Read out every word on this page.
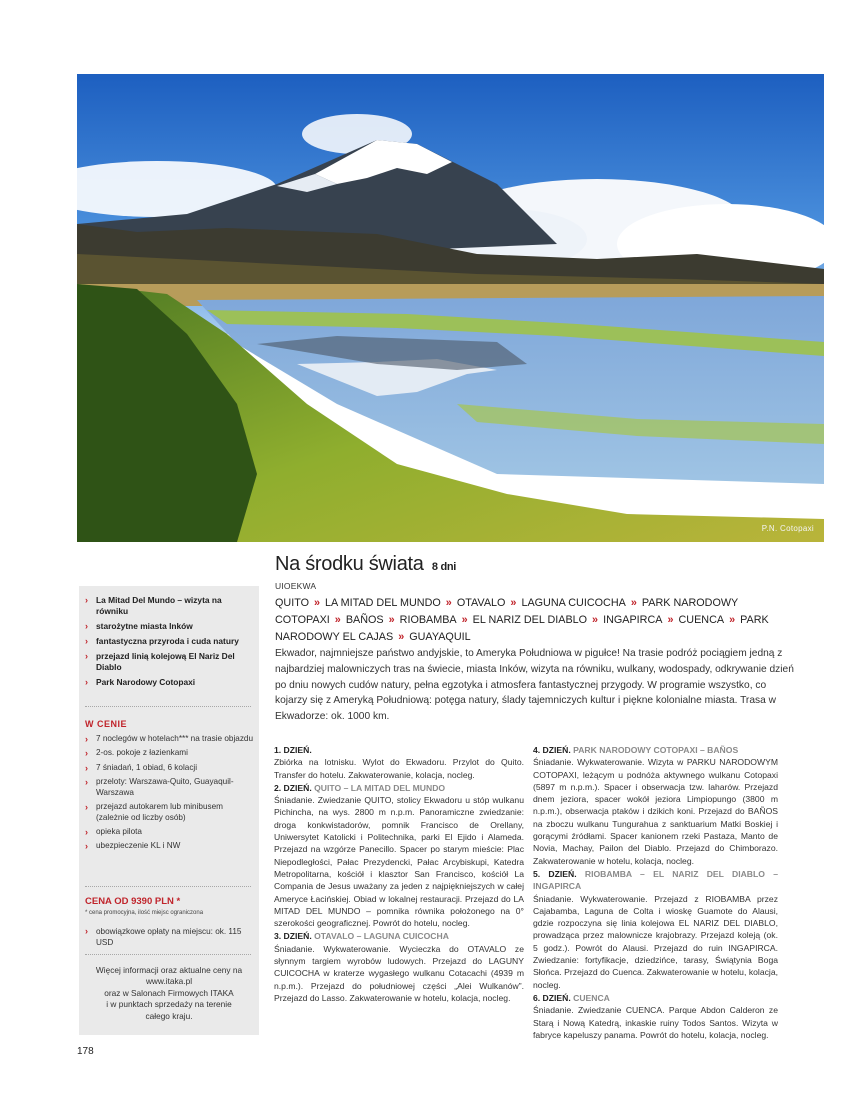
P.N. Cotopaxi
Na środku świata 8 dni
UIOEKWA
QUITO » LA MITAD DEL MUNDO » OTAVALO » LAGUNA CUICOCHA » PARK NARODOWY COTOPAXI » BAÑOS » RIOBAMBA » EL NARIZ DEL DIABLO » INGAPIRCA » CUENCA » PARK NARODOWY EL CAJAS » GUAYAQUIL
Ekwador, najmniejsze państwo andyjskie, to Ameryka Południowa w pigułce! Na trasie podróż pociągiem jedną z najbardziej malowniczych tras na świecie, miasta Inków, wizyta na równiku, wulkany, wodospady, odkrywanie dzień po dniu nowych cudów natury, pełna egzotyka i atmosfera fantastycznej przygody. W programie wszystko, co kojarzy się z Ameryką Południową: potęga natury, ślady tajemniczych kultur i piękne kolonialne miasta. Trasa w Ekwadorze: ok. 1000 km.
1. DZIEŃ.
Zbiórka na lotnisku. Wylot do Ekwadoru. Przylot do Quito. Transfer do hotelu. Zakwaterowanie, kolacja, nocleg.
2. DZIEŃ. QUITO – LA MITAD DEL MUNDO
Śniadanie. Zwiedzanie QUITO, stolicy Ekwadoru u stóp wulkanu Pichincha, na wys. 2800 m n.p.m. Panoramiczne zwiedzanie: droga konkwistadorów, pomnik Francisco de Orellany, Uniwersytet Katolicki i Politechnika, parki El Ejido i Alameda. Przejazd na wzgórze Panecillo. Spacer po starym mieście: Plac Niepodległości, Pałac Prezydencki, Pałac Arcybiskupi, Katedra Metropolitarna, kościół i klasztor San Francisco, kościół La Compania de Jesus uważany za jeden z najpiękniejszych w całej Ameryce Łacińskiej. Obiad w lokalnej restauracji. Przejazd do LA MITAD DEL MUNDO – pomnika równika położonego na 0° szerokości geograficznej. Powrót do hotelu, nocleg.
3. DZIEŃ. OTAVALO – LAGUNA CUICOCHA
Śniadanie. Wykwaterowanie. Wycieczka do OTAVALO ze słynnym targiem wyrobów ludowych. Przejazd do LAGUNY CUICOCHA w kraterze wygasłego wulkanu Cotacachi (4939 m n.p.m.). Przejazd do południowej części „Alei Wulkanów”. Przejazd do Lasso. Zakwaterowanie w hotelu, kolacja, nocleg.
4. DZIEŃ. PARK NARODOWY COTOPAXI – BAÑOS
Śniadanie. Wykwaterowanie. Wizyta w PARKU NARODOWYM COTOPAXI, leżącym u podnóża aktywnego wulkanu Cotopaxi (5897 m n.p.m.). Spacer i obserwacja tzw. laharów. Przejazd dnem jeziora, spacer wokół jeziora Limpiopungo (3800 m n.p.m.), obserwacja ptaków i dzikich koni. Przejazd do BAÑOS na zboczu wulkanu Tungurahua z sanktuarium Matki Boskiej i gorącymi źródłami. Spacer kanionem rzeki Pastaza, Manto de Novia, Machay, Pailon del Diablo. Przejazd do Chimborazo. Zakwaterowanie w hotelu, kolacja, nocleg.
5. DZIEŃ. RIOBAMBA – EL NARIZ DEL DIABLO – INGAPIRCA
Śniadanie. Wykwaterowanie. Przejazd z RIOBAMBA przez Cajabamba, Laguna de Colta i wioskę Guamote do Alausi, gdzie rozpoczyna się linia kolejowa EL NARIZ DEL DIABLO, prowadząca przez malownicze krajobrazy. Przejazd koleją (ok. 5 godz.). Powrót do Alausi. Przejazd do ruin INGAPIRCA. Zwiedzanie: fortyfikacje, dziedzińce, tarasy, Świątynia Boga Słońca. Przejazd do Cuenca. Zakwaterowanie w hotelu, kolacja, nocleg.
6. DZIEŃ. CUENCA
Śniadanie. Zwiedzanie CUENCA. Parque Abdon Calderon ze Starą i Nową Katedrą, inkaskie ruiny Todos Santos. Wizyta w fabryce kapeluszy panama. Powrót do hotelu, kolacja, nocleg.
› La Mitad Del Mundo – wizyta na równiku
› starożytne miasta Inków
› fantastyczna przyroda i cuda natury
› przejazd linią kolejową El Nariz Del Diablo
› Park Narodowy Cotopaxi
W CENIE
› 7 noclegów w hotelach*** na trasie objazdu
› 2-os. pokoje z łazienkami
› 7 śniadań, 1 obiad, 6 kolacji
› przeloty: Warszawa-Quito, Guayaquil-Warszawa
› przejazd autokarem lub minibusem (zależnie od liczby osób)
› opieka pilota
› ubezpieczenie KL i NW
CENA OD 9390 PLN *
* cena promocyjna, ilość miejsc ograniczona
› obowiązkowe opłaty na miejscu: ok. 115 USD
Więcej informacji oraz aktualne ceny na
www.itaka.pl
oraz w Salonach Firmowych ITAKA
i w punktach sprzedaży na terenie
całego kraju.
178
